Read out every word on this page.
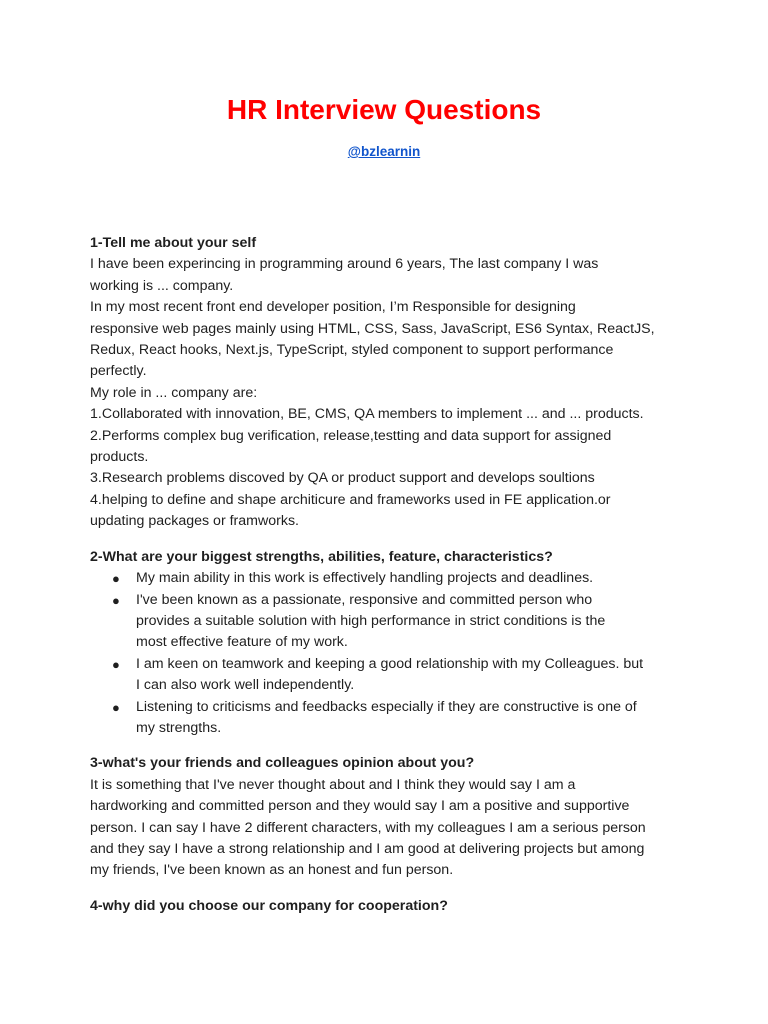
HR Interview Questions
@bzlearnin

1-Tell me about your self

I have been experincing in programming around 6 years, The last company I was

working is ... company.

In my most recent front end developer position, I’m Responsible for designing

responsive web pages mainly using HTML, CSS, Sass, JavaScript, ES6 Syntax, ReactJS,

Redux, React hooks, Next.js, TypeScript, styled component to support performance

perfectly.

My role in ... company are:

1.Collaborated with innovation, BE, CMS, QA members to implement ... and ... products.

2.Performs complex bug verification, release,testting and data support for assigned

products.

3.Research problems discoved by QA or product support and develops soultions

4.helping to define and shape architicure and frameworks used in FE application.or

updating packages or framworks.

2-What are your biggest strengths, abilities, feature, characteristics?

● My main ability in this work is effectively handling projects and deadlines.
● I've been known as a passionate, responsive and committed person who
provides a suitable solution with high performance in strict conditions is the
most effective feature of my work.
● I am keen on teamwork and keeping a good relationship with my Colleagues. but
I can also work well independently.
● Listening to criticisms and feedbacks especially if they are constructive is one of
my strengths.

3-what's your friends and colleagues opinion about you?

It is something that I've never thought about and I think they would say I am a

hardworking and committed person and they would say I am a positive and supportive

person. I can say I have 2 different characters, with my colleagues I am a serious person

and they say I have a strong relationship and I am good at delivering projects but among

my friends, I've been known as an honest and fun person.

4-why did you choose our company for cooperation?
